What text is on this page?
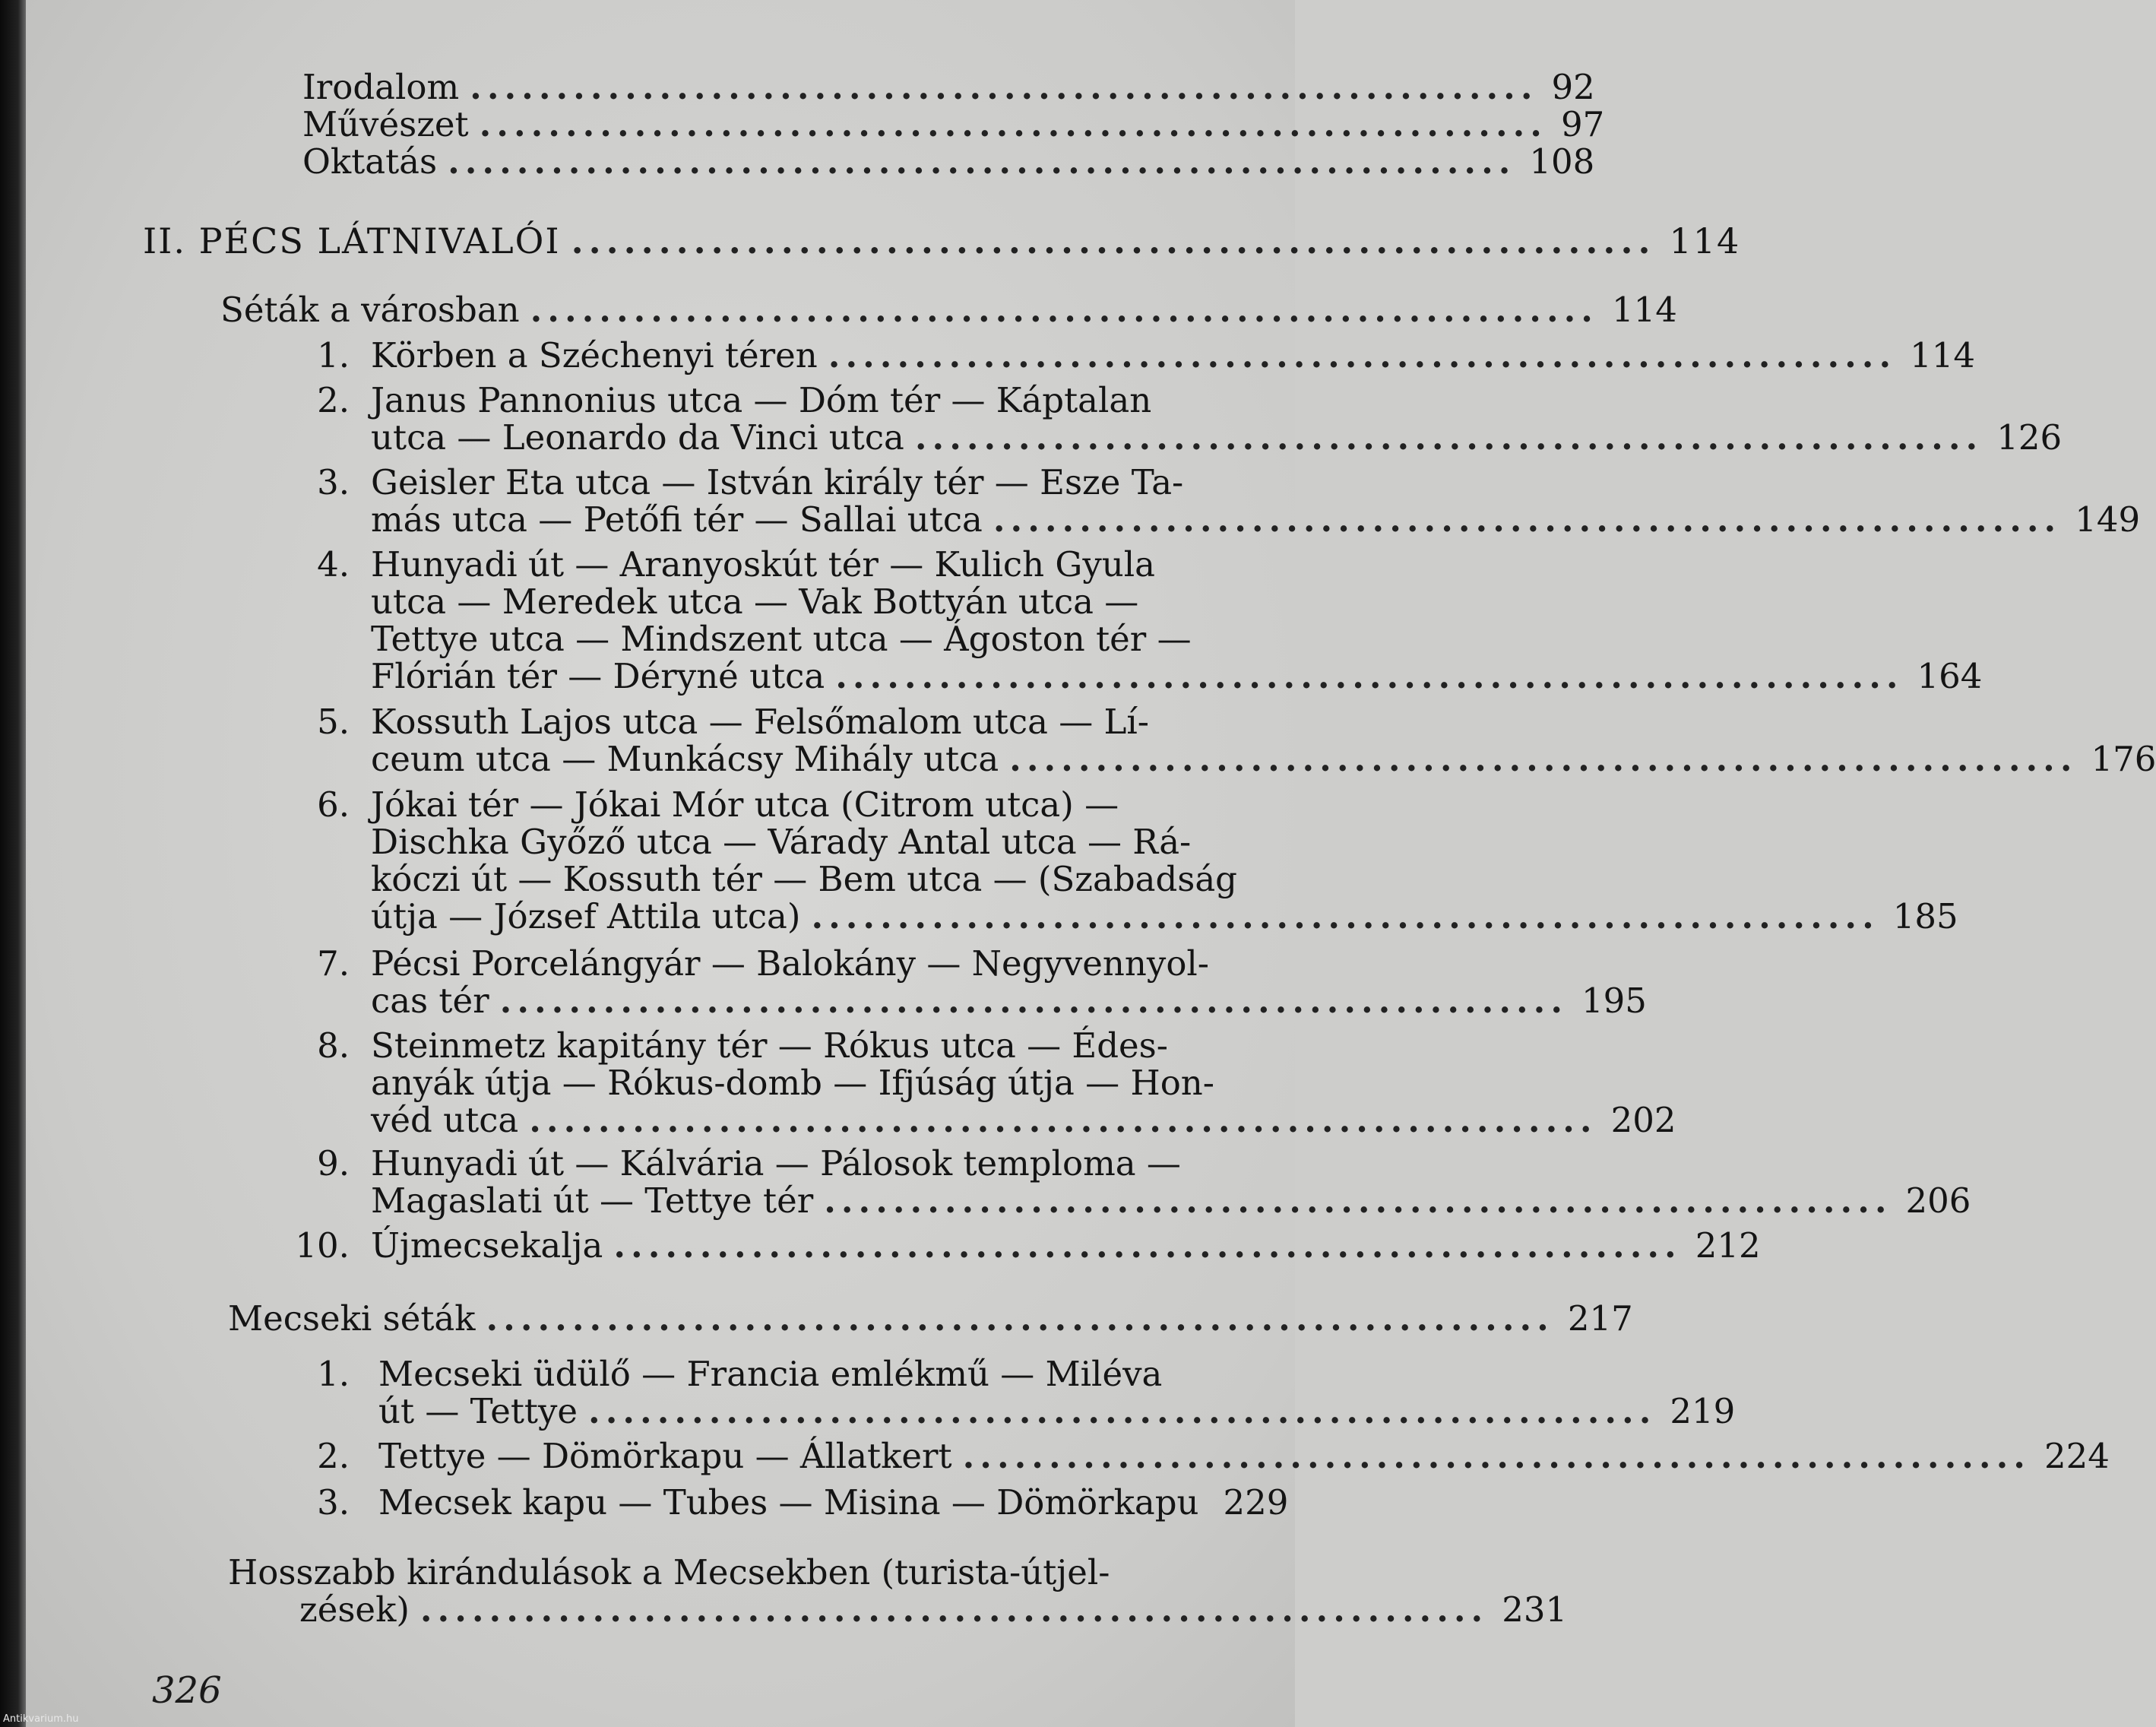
Irodalom .............................................................. 92
Művészet .............................................................. 97
Oktatás .............................................................. 108
II. PÉCS LÁTNIVALÓI .............................................................. 114
Séták a városban .............................................................. 114
1. Körben a Széchenyi téren .............................................................. 114
2. Janus Pannonius utca — Dóm tér — Káptalan
utca — Leonardo da Vinci utca .............................................................. 126
3. Geisler Eta utca — István király tér — Esze Ta-
más utca — Petőfi tér — Sallai utca .............................................................. 149
4. Hunyadi út — Aranyoskút tér — Kulich Gyula
utca — Meredek utca — Vak Bottyán utca —
Tettye utca — Mindszent utca — Ágoston tér —
Flórián tér — Déryné utca .............................................................. 164
5. Kossuth Lajos utca — Felsőmalom utca — Lí-
ceum utca — Munkácsy Mihály utca .............................................................. 176
6. Jókai tér — Jókai Mór utca (Citrom utca) —
Dischka Győző utca — Várady Antal utca — Rá-
kóczi út — Kossuth tér — Bem utca — (Szabadság
útja — József Attila utca) .............................................................. 185
7. Pécsi Porcelángyár — Balokány — Negyvennyol-
cas tér .............................................................. 195
8. Steinmetz kapitány tér — Rókus utca — Édes-
anyák útja — Rókus-domb — Ifjúság útja — Hon-
véd utca .............................................................. 202
9. Hunyadi út — Kálvária — Pálosok temploma —
Magaslati út — Tettye tér .............................................................. 206
10. Újmecsekalja .............................................................. 212
Mecseki séták .............................................................. 217
1. Mecseki üdülő — Francia emlékmű — Miléva
út — Tettye .............................................................. 219
2. Tettye — Dömörkapu — Állatkert .............................................................. 224
3. Mecsek kapu — Tubes — Misina — Dömörkapu 229
Hosszabb kirándulások a Mecsekben (turista-útjel-
zések) .............................................................. 231
326
Antikvarium.hu
